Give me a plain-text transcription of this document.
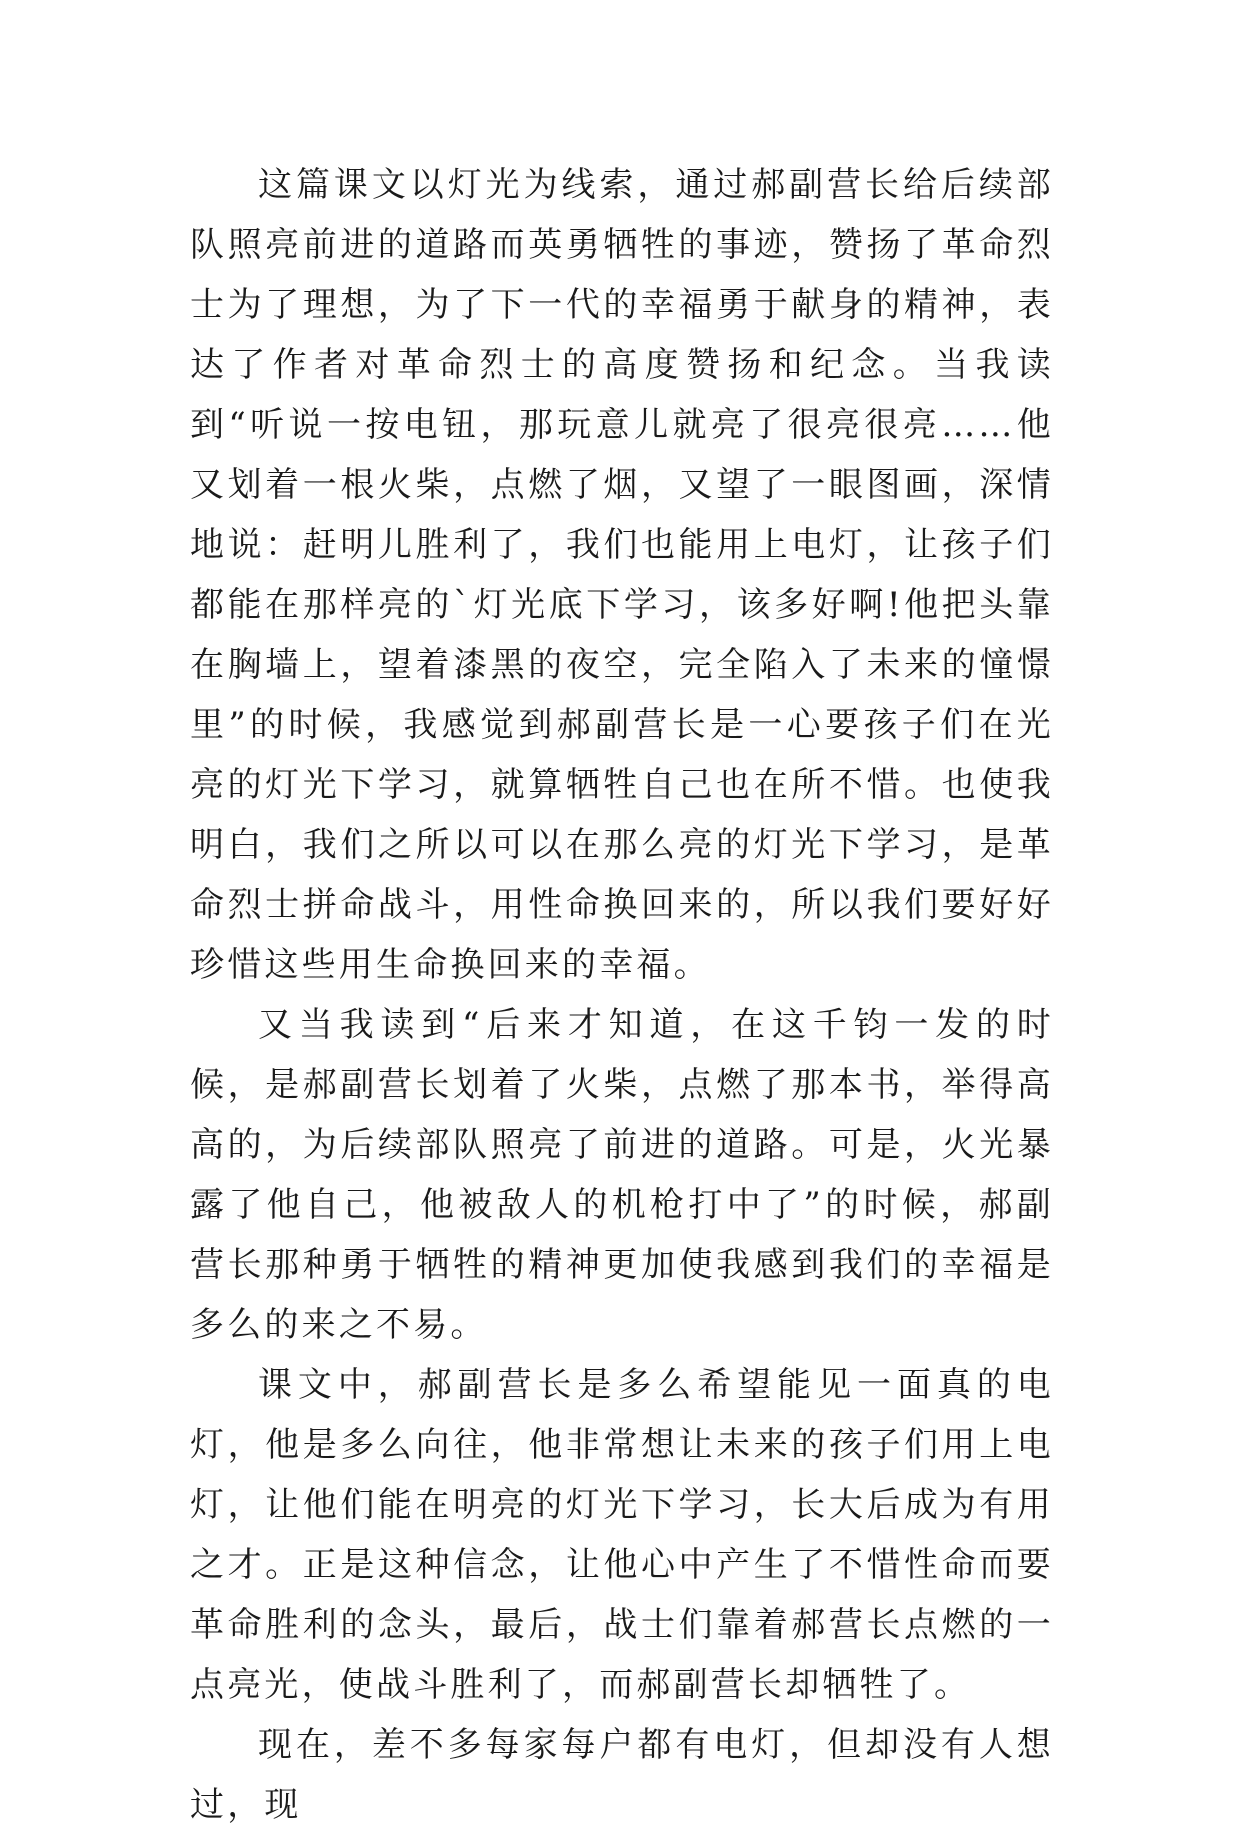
这篇课文以灯光为线索，通过郝副营长给后续部队照亮前进的道路而英勇牺牲的事迹，赞扬了革命烈士为了理想，为了下一代的幸福勇于献身的精神，表达了作者对革命烈士的高度赞扬和纪念。当我读到“听说一按电钮，那玩意儿就亮了很亮很亮……他又划着一根火柴，点燃了烟，又望了一眼图画，深情地说：赶明儿胜利了，我们也能用上电灯，让孩子们都能在那样亮的`灯光底下学习，该多好啊!他把头靠在胸墙上，望着漆黑的夜空，完全陷入了未来的憧憬里”的时候，我感觉到郝副营长是一心要孩子们在光亮的灯光下学习，就算牺牲自己也在所不惜。也使我明白，我们之所以可以在那么亮的灯光下学习，是革命烈士拼命战斗，用性命换回来的，所以我们要好好珍惜这些用生命换回来的幸福。

又当我读到“后来才知道，在这千钧一发的时候，是郝副营长划着了火柴，点燃了那本书，举得高高的，为后续部队照亮了前进的道路。可是，火光暴露了他自己，他被敌人的机枪打中了”的时候，郝副营长那种勇于牺牲的精神更加使我感到我们的幸福是多么的来之不易。

课文中，郝副营长是多么希望能见一面真的电灯，他是多么向往，他非常想让未来的孩子们用上电灯，让他们能在明亮的灯光下学习，长大后成为有用之才。正是这种信念，让他心中产生了不惜性命而要革命胜利的念头，最后，战士们靠着郝营长点燃的一点亮光，使战斗胜利了，而郝副营长却牺牲了。

现在，差不多每家每户都有电灯，但却没有人想过，现
